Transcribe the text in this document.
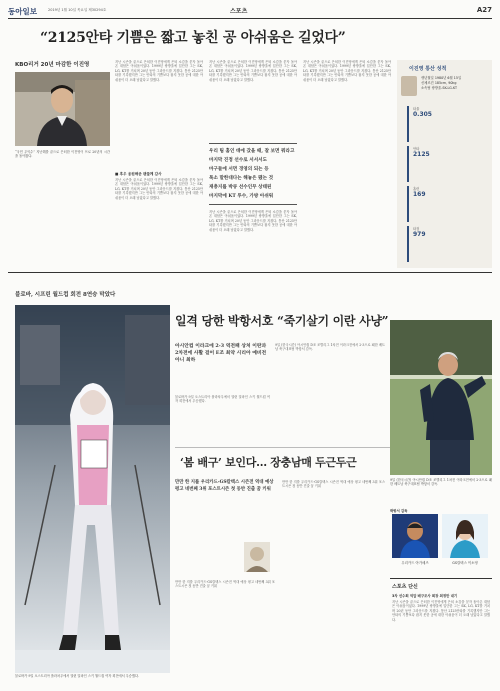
동아일보	2019년 1월 10일 목요일 제30294호	스포츠	A27
“2125안타 기쁨은 짧고 놓친 공 아쉬움은 길었다”
KBO리거 20년 마감한 이진영
“국민 우익수” 지난해를 끝으로 은퇴한 이진영이 프로 20년의 시간을 돌아봤다.
지난 시즌을 끝으로 은퇴한 이진영에게 은퇴 소감을 묻자 돌아온 대답은 아쉬움이었다. 1999년 쌍방울에 입단한 그는 SK, LG, KT를 거치며 20년 동안 그라운드를 지켰다. 통산 2125안타를 기록했지만 그는 안타의 기쁨보다 잡지 못한 공에 대한 아쉬움이 더 오래 남았다고 말했다.
■ 후우 응원해준 팬들께 감사
지난 시즌을 끝으로 은퇴한 이진영에게 은퇴 소감을 묻자 돌아온 대답은 아쉬움이었다. 1999년 쌍방울에 입단한 그는 SK, LG, KT를 거치며 20년 동안 그라운드를 지켰다. 통산 2125안타를 기록했지만 그는 안타의 기쁨보다 잡지 못한 공에 대한 아쉬움이 더 오래 남았다고 말했다.
지난 시즌을 끝으로 은퇴한 이진영에게 은퇴 소감을 묻자 돌아온 대답은 아쉬움이었다. 1999년 쌍방울에 입단한 그는 SK, LG, KT를 거치며 20년 동안 그라운드를 지켰다. 통산 2125안타를 기록했지만 그는 안타의 기쁨보다 잡지 못한 공에 대한 아쉬움이 더 오래 남았다고 말했다.
우리 팀 홈인 데에 갔을 때, 잘 보면 뭐라고
마지막 진정 선수로 서서서도
마구들에 서면 경영의 되는 등
목소 말한대다는 해놓은 됐는 것
재충지를 박큐 선수인무 상태된
마지막에 KT 투수, 가방 아쉬워
지난 시즌을 끝으로 은퇴한 이진영에게 은퇴 소감을 묻자 돌아온 대답은 아쉬움이었다. 1999년 쌍방울에 입단한 그는 SK, LG, KT를 거치며 20년 동안 그라운드를 지켰다. 통산 2125안타를 기록했지만 그는 안타의 기쁨보다 잡지 못한 공에 대한 아쉬움이 더 오래 남았다고 말했다.
지난 시즌을 끝으로 은퇴한 이진영에게 은퇴 소감을 묻자 돌아온 대답은 아쉬움이었다. 1999년 쌍방울에 입단한 그는 SK, LG, KT를 거치며 20년 동안 그라운드를 지켰다. 통산 2125안타를 기록했지만 그는 안타의 기쁨보다 잡지 못한 공에 대한 아쉬움이 더 오래 남았다고 말했다.
이진영 통산 성적
생년월일 1980년 6월 15일
신체조건 185cm, 90kg
소속팀 쌍방울-SK-LG-KT
타율
0.305
안타
2125
홈런
169
타점
979
블로바, 시프린 월드컵 회전 8연승 막았다
일격 당한 박항서호 “죽기살기 이란 사냥”
블로바가 9일 오스트리아 플라차우에서 열린 알파인 스키 월드컵 여자 회전에서 우승했다.
아시안컵 이라크에 2-3 역전패 상처 이란과 2차전에 사활 걸어 E조 최약 시리아 예비전 아니 최하
블로바가 9일 오스트리아 플라차우에서 열린 알파인 스키 월드컵 여자 회전에서 우승했다.
9일 (한국시간) 아시안컵 D조 조별리그 1차전 이라크전에서 2-3으로 패한 베트남 축구대표팀 박항서 감독.
9일 (한국시간) 아시안컵 D조 조별리그 1차전 이라크전에서 2-3으로 패한 베트남 축구대표팀 박항서 감독.
박항서 감독
‘봄 배구’ 보인다… 장충남매 두근두근
만만 한 지를 우리카드-GS칼텍스 시즌전 역대 예상 평고 네번째 3위 포스트시즌 첫 동반 진출 꿈 키워
만만 한 지를 우리카드-GS칼텍스 시즌전 역대 예상 평고 네번째 3위 포스트시즌 첫 동반 진출 꿈 키워
만만 한 지를 우리카드-GS칼텍스 시즌전 역대 예상 평고 네번째 3위 포스트시즌 첫 동반 진출 꿈 키워
우리카드 아가메즈	GS칼텍스 이소영
스포츠 단신
3차 선수회 억압 배구조사 회장 최정만 대기
지난 시즌을 끝으로 은퇴한 이진영에게 은퇴 소감을 묻자 돌아온 대답은 아쉬움이었다. 1999년 쌍방울에 입단한 그는 SK, LG, KT를 거치며 20년 동안 그라운드를 지켰다. 통산 2125안타를 기록했지만 그는 안타의 기쁨보다 잡지 못한 공에 대한 아쉬움이 더 오래 남았다고 말했다.
